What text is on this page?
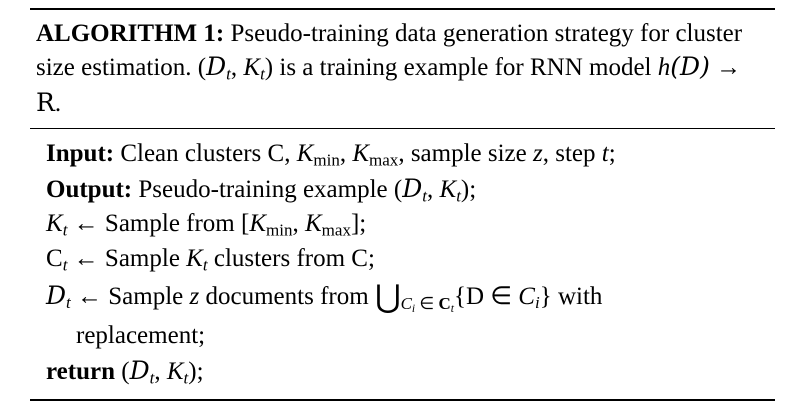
ALGORITHM 1: Pseudo-training data generation strategy for cluster size estimation. ($D_t$, $K_t$) is a training example for RNN model h(D) → R.
Input: Clean clusters C, $K_{min}$, $K_{max}$, sample size z, step t;
Output: Pseudo-training example ($D_t$, $K_t$);
$K_t$ ← Sample from [$K_{min}$, $K_{max}$];
$C_t$ ← Sample $K_t$ clusters from C;
$D_t$ ← Sample z documents from $⋃_{C_i \in C_t}\{D$ ∈ $C_i$} with
replacement;
return ($D_t$, $K_t$);
